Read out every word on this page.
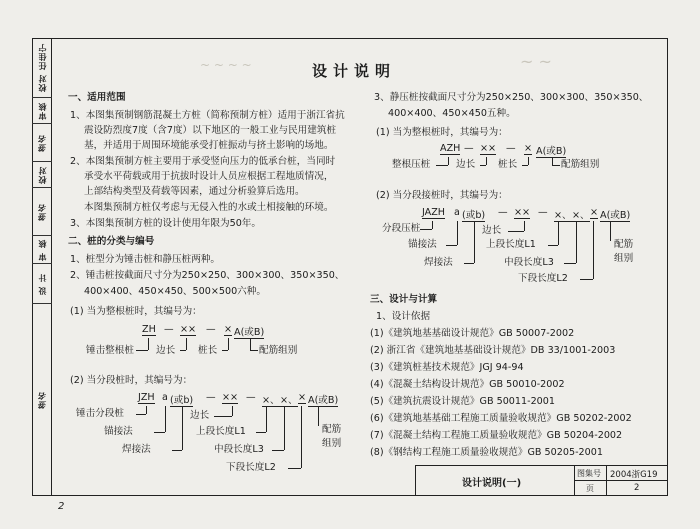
校对 任佳宁
审核
签名
校对
签名
审 核
设 计
签名
~ ~ ~ ~	~ ~
设计说明
一、适用范围
1、本图集预制钢筋混凝土方桩（简称预制方桩）适用于浙江省抗
震设防烈度7度（含7度）以下地区的一般工业与民用建筑桩
基，并适用于周围环境能承受打桩振动与挤土影响的场地。
2、本图集预制方桩主要用于承受竖向压力的低承台桩，当同时
承受水平荷载或用于抗拔时设计人员应根据工程地质情况，
上部结构类型及荷载等因素，通过分析验算后选用。
本图集预制方桩仅考虑与无侵入性的水或土相接触的环境。
3、本图集预制方桩的设计使用年限为50年。
二、桩的分类与编号
1、桩型分为锤击桩和静压桩两种。
2、锤击桩按截面尺寸分为250×250、300×300、350×350、
400×400、450×450、500×500六种。
(1) 当为整根桩时，其编号为：
ZH — ×× — × A(或B)
锤击整根桩 边长 桩长	配筋组别
(2) 当分段桩时，其编号为：
JZH a (或b) — ×× — ×、 ×、 × A(或B)
锤击分段桩
锚接法
焊接法
边长
上段长度L1
中段长度L3
下段长度L2
配筋
组别
3、静压桩按截面尺寸分为250×250、300×300、350×350、
400×400、450×450五种。
(1) 当为整根桩时，其编号为：
AZH — ×× — × A(或B)
整根压桩	边长 桩长	配筋组别
(2) 当分段接桩时，其编号为：
JAZH a (或b) — ×× — ×、 ×、 × A(或B)
分段压桩
锚接法
焊接法
边长
上段长度L1
中段长度L3
下段长度L2
配筋
组别
三、设计与计算
1、设计依据
(1)《建筑地基基础设计规范》GB 50007-2002
(2) 浙江省《建筑地基基础设计规范》DB 33/1001-2003
(3)《建筑桩基技术规范》JGJ 94-94
(4)《混凝土结构设计规范》GB 50010-2002
(5)《建筑抗震设计规范》GB 50011-2001
(6)《建筑地基基础工程施工质量验收规范》GB 50202-2002
(7)《混凝土结构工程施工质量验收规范》GB 50204-2002
(8)《钢结构工程施工质量验收规范》GB 50205-2001
设计说明(一)
图集号 2004浙G19
页	2
2
